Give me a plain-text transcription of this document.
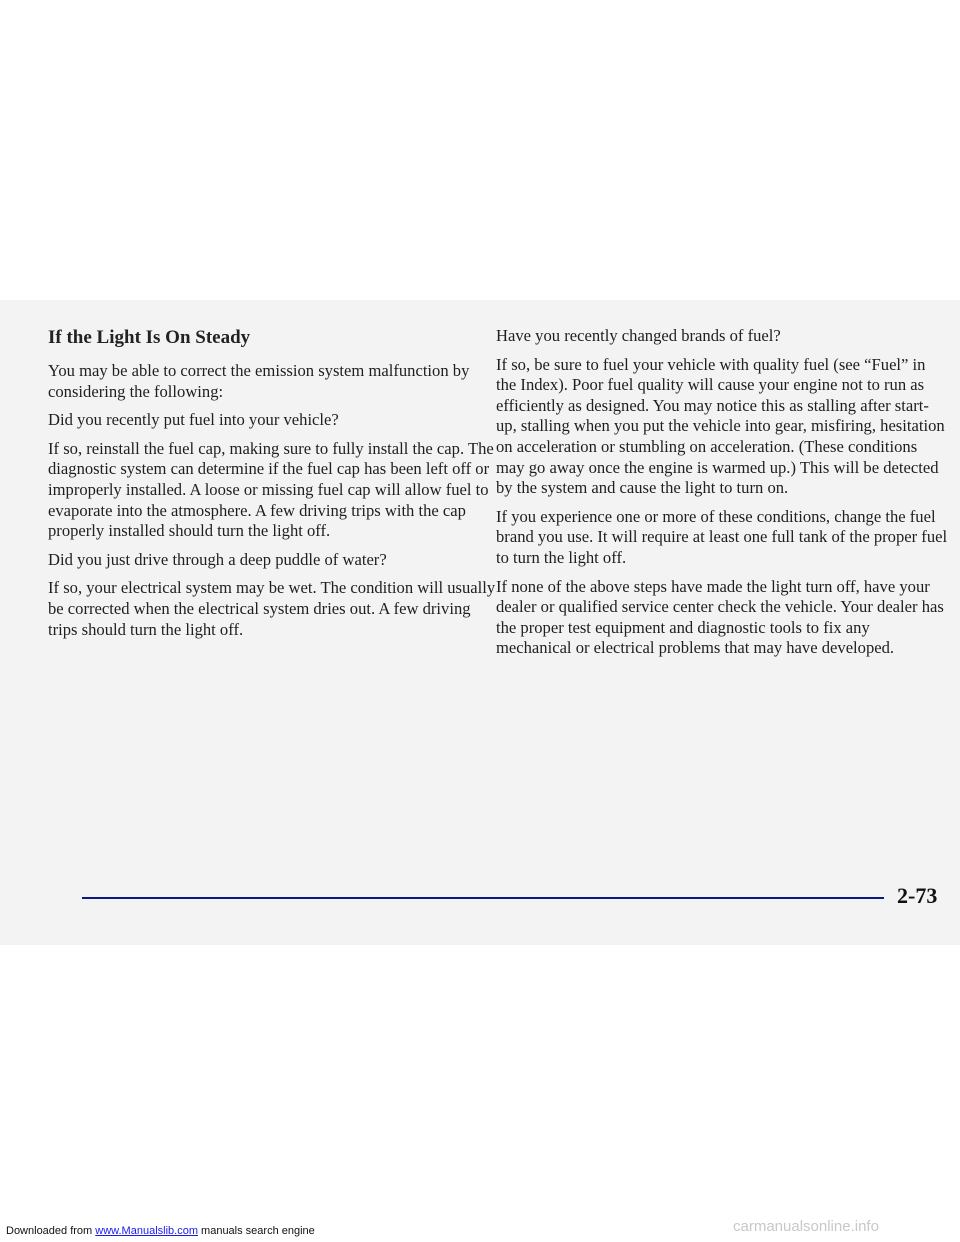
If the Light Is On Steady

You may be able to correct the emission system malfunction by considering the following:

Did you recently put fuel into your vehicle?

If so, reinstall the fuel cap, making sure to fully install the cap. The diagnostic system can determine if the fuel cap has been left off or improperly installed. A loose or missing fuel cap will allow fuel to evaporate into the atmosphere. A few driving trips with the cap properly installed should turn the light off.

Did you just drive through a deep puddle of water?

If so, your electrical system may be wet. The condition will usually be corrected when the electrical system dries out. A few driving trips should turn the light off.

Have you recently changed brands of fuel?

If so, be sure to fuel your vehicle with quality fuel (see “Fuel” in the Index). Poor fuel quality will cause your engine not to run as efficiently as designed. You may notice this as stalling after start-up, stalling when you put the vehicle into gear, misfiring, hesitation on acceleration or stumbling on acceleration. (These conditions may go away once the engine is warmed up.) This will be detected by the system and cause the light to turn on.

If you experience one or more of these conditions, change the fuel brand you use. It will require at least one full tank of the proper fuel to turn the light off.

If none of the above steps have made the light turn off, have your dealer or qualified service center check the vehicle. Your dealer has the proper test equipment and diagnostic tools to fix any mechanical or electrical problems that may have developed.

2-73

Downloaded from www.Manualslib.com manuals search engine	carmanualsonline.info
